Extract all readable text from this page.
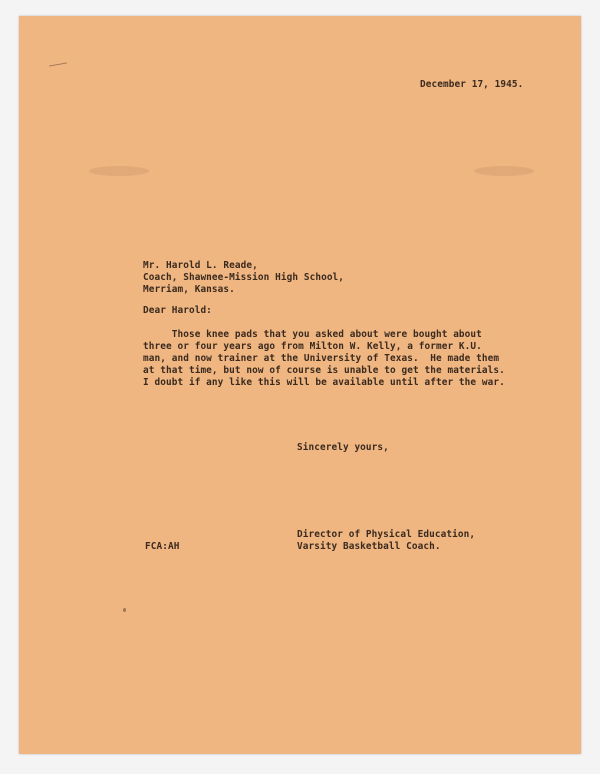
December 17, 1945.

Mr. Harold L. Reade,
Coach, Shawnee-Mission High School,
Merriam, Kansas.

Dear Harold:

Those knee pads that you asked about were bought about
three or four years ago from Milton W. Kelly, a former K.U.
man, and now trainer at the University of Texas.  He made them
at that time, but now of course is unable to get the materials.
I doubt if any like this will be available until after the war.

Sincerely yours,

Director of Physical Education,
Varsity Basketball Coach.

FCA:AH
